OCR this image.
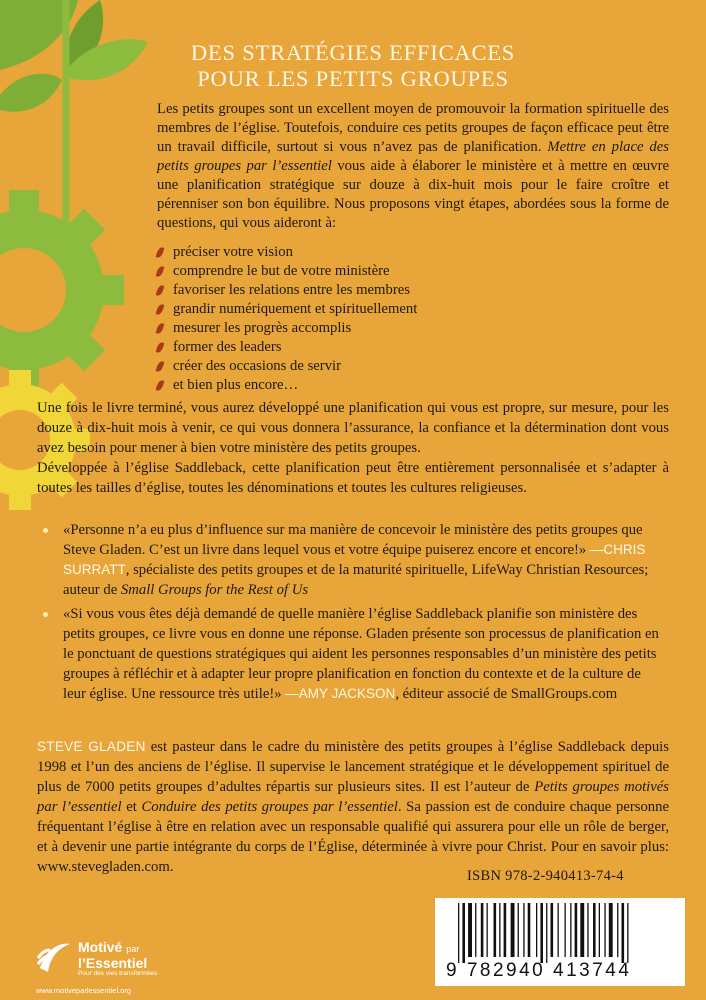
DES STRATÉGIES EFFICACES
POUR LES PETITS GROUPES

Les petits groupes sont un excellent moyen de promouvoir la formation spirituelle des membres de l’église. Toutefois, conduire ces petits groupes de façon efficace peut être un travail difficile, surtout si vous n’avez pas de planification. Mettre en place des petits groupes par l’essentiel vous aide à élaborer le ministère et à mettre en œuvre une planification stratégique sur douze à dix-huit mois pour le faire croître et pérenniser son bon équilibre. Nous proposons vingt étapes, abordées sous la forme de questions, qui vous aideront à:

préciser votre vision
comprendre le but de votre ministère
favoriser les relations entre les membres
grandir numériquement et spirituellement
mesurer les progrès accomplis
former des leaders
créer des occasions de servir
et bien plus encore…

Une fois le livre terminé, vous aurez développé une planification qui vous est propre, sur mesure, pour les douze à dix-huit mois à venir, ce qui vous donnera l’assurance, la confiance et la détermination dont vous avez besoin pour mener à bien votre ministère des petits groupes.

Développée à l’église Saddleback, cette planification peut être entièrement personnalisée et s’adapter à toutes les tailles d’église, toutes les dénominations et toutes les cultures religieuses.

«Personne n’a eu plus d’influence sur ma manière de concevoir le ministère des petits groupes que Steve Gladen. C’est un livre dans lequel vous et votre équipe puiserez encore et encore!» —CHRIS SURRATT, spécialiste des petits groupes et de la maturité spirituelle, LifeWay Christian Resources; auteur de Small Groups for the Rest of Us
«Si vous vous êtes déjà demandé de quelle manière l’église Saddleback planifie son ministère des petits groupes, ce livre vous en donne une réponse. Gladen présente son processus de planification en le ponctuant de questions stratégiques qui aident les personnes responsables d’un ministère des petits groupes à réfléchir et à adapter leur propre planification en fonction du contexte et de la culture de leur église. Une ressource très utile!» —AMY JACKSON, éditeur associé de SmallGroups.com

STEVE GLADEN est pasteur dans le cadre du ministère des petits groupes à l’église Saddleback depuis 1998 et l’un des anciens de l’église. Il supervise le lancement stratégique et le développement spirituel de plus de 7000 petits groupes d’adultes répartis sur plusieurs sites. Il est l’auteur de Petits groupes motivés par l’essentiel et Conduire des petits groupes par l’essentiel. Sa passion est de conduire chaque personne fréquentant l’église à être en relation avec un responsable qualifié qui assurera pour elle un rôle de berger, et à devenir une partie intégrante du corps de l’Église, déterminée à vivre pour Christ. Pour en savoir plus: www.stevegladen.com.

ISBN 978-2-940413-74-4
9 782940 413744
Motivé par
l’Essentiel
Pour des vies transformées
www.motiveparlessentiel.org
